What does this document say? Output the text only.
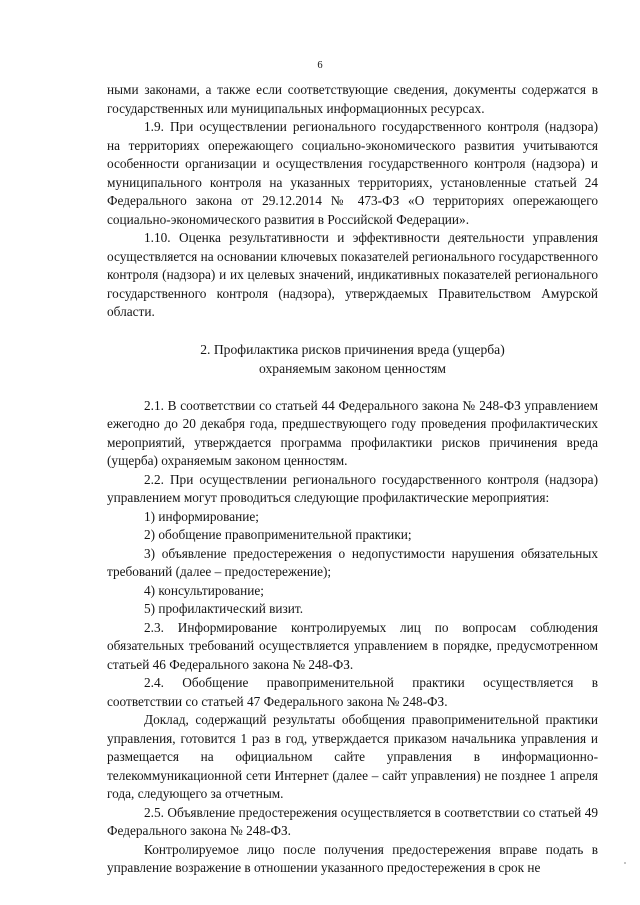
6

ными законами, а также если соответствующие сведения, документы содержатся в государственных или муниципальных информационных ресурсах.

1.9. При осуществлении регионального государственного контроля (надзора) на территориях опережающего социально-экономического развития учитываются особенности организации и осуществления государственного контроля (надзора) и муниципального контроля на указанных территориях, установленные статьей 24 Федерального закона от 29.12.2014 № 473-ФЗ «О территориях опережающего социально-экономического развития в Российской Федерации».

1.10. Оценка результативности и эффективности деятельности управления осуществляется на основании ключевых показателей регионального государственного контроля (надзора) и их целевых значений, индикативных показателей регионального государственного контроля (надзора), утверждаемых Правительством Амурской области.

2. Профилактика рисков причинения вреда (ущерба)
охраняемым законом ценностям

2.1. В соответствии со статьей 44 Федерального закона № 248-ФЗ управлением ежегодно до 20 декабря года, предшествующего году проведения профилактических мероприятий, утверждается программа профилактики рисков причинения вреда (ущерба) охраняемым законом ценностям.

2.2. При осуществлении регионального государственного контроля (надзора) управлением могут проводиться следующие профилактические мероприятия:

1) информирование;

2) обобщение правоприменительной практики;

3) объявление предостережения о недопустимости нарушения обязательных требований (далее – предостережение);

4) консультирование;

5) профилактический визит.

2.3. Информирование контролируемых лиц по вопросам соблюдения обязательных требований осуществляется управлением в порядке, предусмотренном статьей 46 Федерального закона № 248-ФЗ.

2.4. Обобщение правоприменительной практики осуществляется в соответствии со статьей 47 Федерального закона № 248-ФЗ.

Доклад, содержащий результаты обобщения правоприменительной практики управления, готовится 1 раз в год, утверждается приказом начальника управления и размещается на официальном сайте управления в информационно-телекоммуникационной сети Интернет (далее – сайт управления) не позднее 1 апреля года, следующего за отчетным.

2.5. Объявление предостережения осуществляется в соответствии со статьей 49 Федерального закона № 248-ФЗ.

Контролируемое лицо после получения предостережения вправе подать в управление возражение в отношении указанного предостережения в срок не
